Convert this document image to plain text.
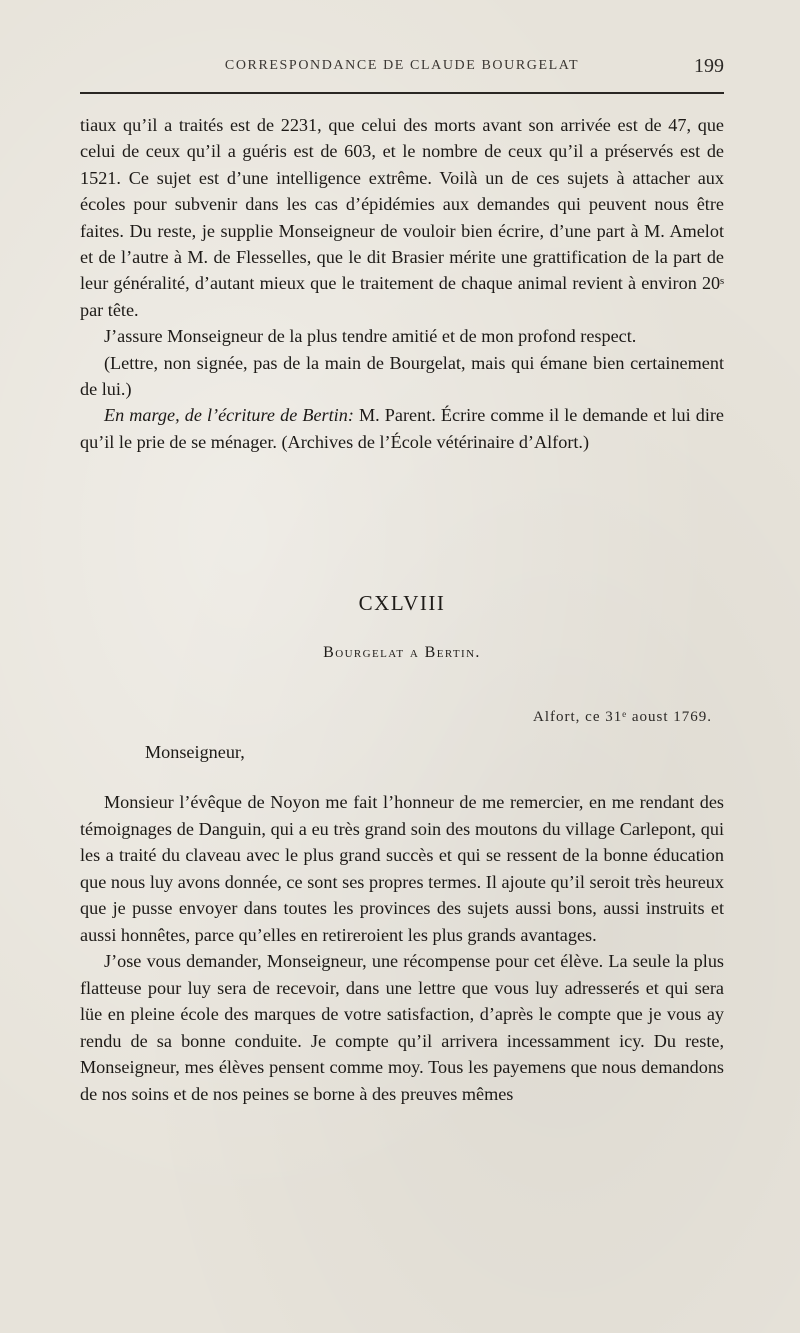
CORRESPONDANCE DE CLAUDE BOURGELAT	199

tiaux qu’il a traités est de 2231, que celui des morts avant son arrivée est de 47, que celui de ceux qu’il a guéris est de 603, et le nombre de ceux qu’il a préservés est de 1521. Ce sujet est d’une intelligence extrême. Voilà un de ces sujets à attacher aux écoles pour subvenir dans les cas d’épidémies aux demandes qui peuvent nous être faites. Du reste, je supplie Monseigneur de vouloir bien écrire, d’une part à M. Amelot et de l’autre à M. de Flesselles, que le dit Brasier mérite une grattification de la part de leur généralité, d’autant mieux que le traitement de chaque animal revient à environ 20ˢ par tête.

J’assure Monseigneur de la plus tendre amitié et de mon profond respect.

(Lettre, non signée, pas de la main de Bourgelat, mais qui émane bien certainement de lui.)

En marge, de l’écriture de Bertin: M. Parent. Écrire comme il le demande et lui dire qu’il le prie de se ménager. (Archives de l’École vétérinaire d’Alfort.)

CXLVIII
Bourgelat a Bertin.
Alfort, ce 31ᵉ aoust 1769.
Monseigneur,

Monsieur l’évêque de Noyon me fait l’honneur de me remercier, en me rendant des témoignages de Danguin, qui a eu très grand soin des moutons du village Carlepont, qui les a traité du claveau avec le plus grand succès et qui se ressent de la bonne éducation que nous luy avons donnée, ce sont ses propres termes. Il ajoute qu’il seroit très heureux que je pusse envoyer dans toutes les provinces des sujets aussi bons, aussi instruits et aussi honnêtes, parce qu’elles en retireroient les plus grands avantages.

J’ose vous demander, Monseigneur, une récompense pour cet élève. La seule la plus flatteuse pour luy sera de recevoir, dans une lettre que vous luy adresserés et qui sera lüe en pleine école des marques de votre satisfaction, d’après le compte que je vous ay rendu de sa bonne conduite. Je compte qu’il arrivera incessamment icy. Du reste, Monseigneur, mes élèves pensent comme moy. Tous les payemens que nous demandons de nos soins et de nos peines se borne à des preuves mêmes
